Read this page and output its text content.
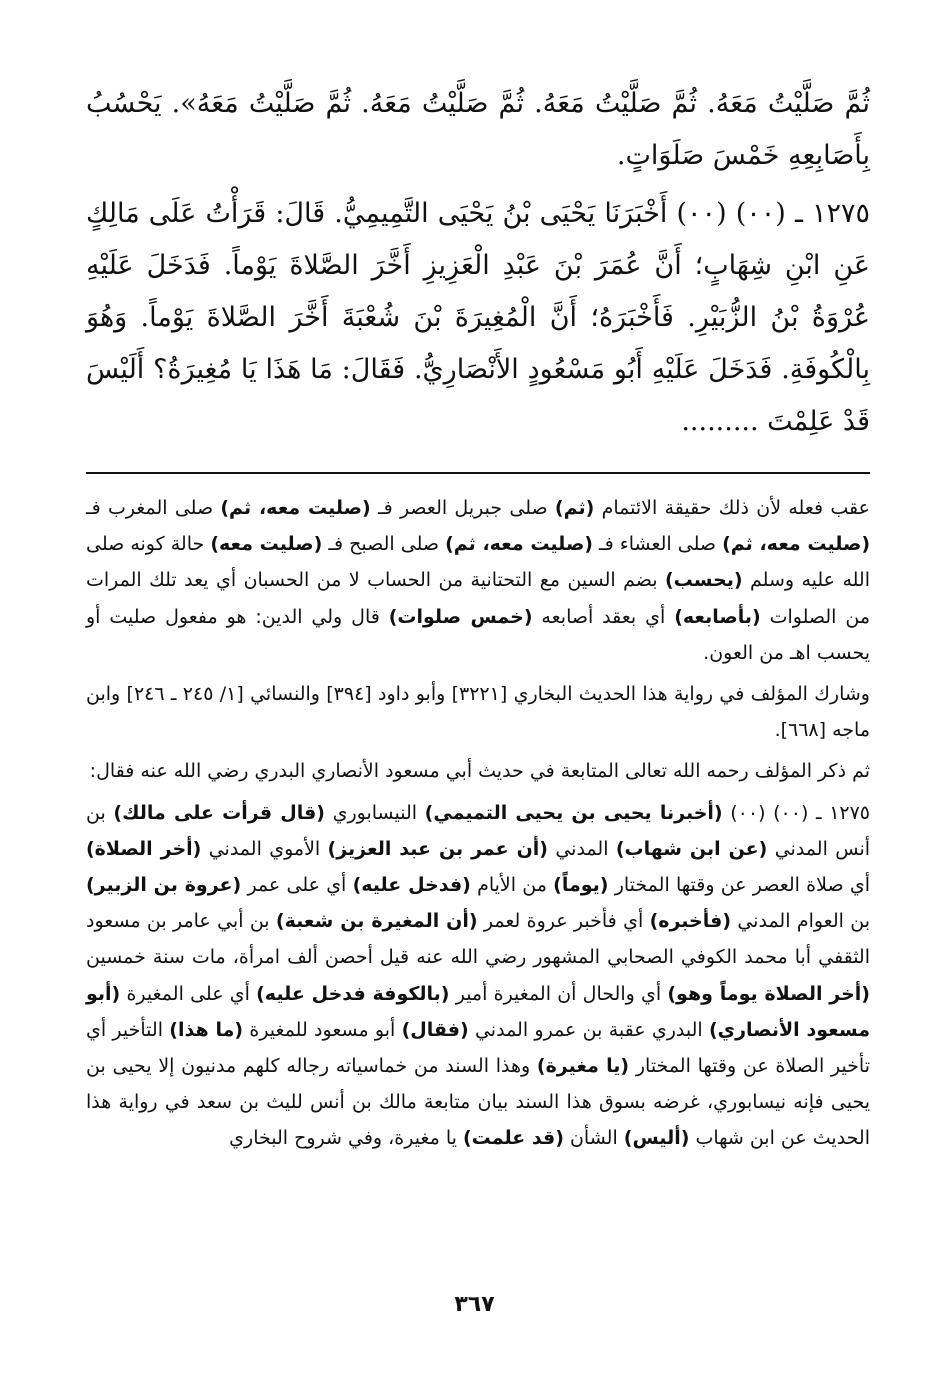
ثُمَّ صَلَّيْتُ مَعَهُ. ثُمَّ صَلَّيْتُ مَعَهُ. ثُمَّ صَلَّيْتُ مَعَهُ. ثُمَّ صَلَّيْتُ مَعَهُ». يَحْسُبُ بِأَصَابِعِهِ خَمْسَ صَلَوَاتٍ.

١٢٧٥ ـ (٠٠) (٠٠) أَخْبَرَنَا يَحْيَى بْنُ يَحْيَى التَّمِيمِيُّ. قَالَ: قَرَأْتُ عَلَى مَالِكٍ عَنِ ابْنِ شِهَابٍ؛ أَنَّ عُمَرَ بْنَ عَبْدِ الْعَزِيزِ أَخَّرَ الصَّلاةَ يَوْماً. فَدَخَلَ عَلَيْهِ عُرْوَةُ بْنُ الزُّبَيْرِ. فَأَخْبَرَهُ؛ أَنَّ الْمُغِيرَةَ بْنَ شُعْبَةَ أَخَّرَ الصَّلاةَ يَوْماً. وَهُوَ بِالْكُوفَةِ. فَدَخَلَ عَلَيْهِ أَبُو مَسْعُودٍ الأَنْصَارِيُّ. فَقَالَ: مَا هَذَا يَا مُغِيرَةُ؟ أَلَيْسَ قَدْ عَلِمْتَ .........

عقب فعله لأن ذلك حقيقة الائتمام (ثم) صلى جبريل العصر فـ (صليت معه، ثم) صلى المغرب فـ (صليت معه، ثم) صلى العشاء فـ (صليت معه، ثم) صلى الصبح فـ (صليت معه) حالة كونه صلى الله عليه وسلم (يحسب) بضم السين مع التحتانية من الحساب لا من الحسبان أي يعد تلك المرات من الصلوات (بأصابعه) أي بعقد أصابعه (خمس صلوات) قال ولي الدين: هو مفعول صليت أو يحسب اهـ من العون.

وشارك المؤلف في رواية هذا الحديث البخاري [٣٢٢١] وأبو داود [٣٩٤] والنسائي [١/ ٢٤٥ ـ ٢٤٦] وابن ماجه [٦٦٨].

ثم ذكر المؤلف رحمه الله تعالى المتابعة في حديث أبي مسعود الأنصاري البدري رضي الله عنه فقال:

١٢٧٥ ـ (٠٠) (٠٠) (أخبرنا يحيى بن يحيى التميمي) النيسابوري (قال قرأت على مالك) بن أنس المدني (عن ابن شهاب) المدني (أن عمر بن عبد العزيز) الأموي المدني (أخر الصلاة) أي صلاة العصر عن وقتها المختار (يوماً) من الأيام (فدخل عليه) أي على عمر (عروة بن الزبير) بن العوام المدني (فأخبره) أي فأخبر عروة لعمر (أن المغيرة بن شعبة) بن أبي عامر بن مسعود الثقفي أبا محمد الكوفي الصحابي المشهور رضي الله عنه قيل أحصن ألف امرأة، مات سنة خمسين (أخر الصلاة يوماً وهو) أي والحال أن المغيرة أمير (بالكوفة فدخل عليه) أي على المغيرة (أبو مسعود الأنصاري) البدري عقبة بن عمرو المدني (فقال) أبو مسعود للمغيرة (ما هذا) التأخير أي تأخير الصلاة عن وقتها المختار (يا مغيرة) وهذا السند من خماسياته رجاله كلهم مدنيون إلا يحيى بن يحيى فإنه نيسابوري، غرضه بسوق هذا السند بيان متابعة مالك بن أنس لليث بن سعد في رواية هذا الحديث عن ابن شهاب (أليس) الشأن (قد علمت) يا مغيرة، وفي شروح البخاري

٣٦٧
